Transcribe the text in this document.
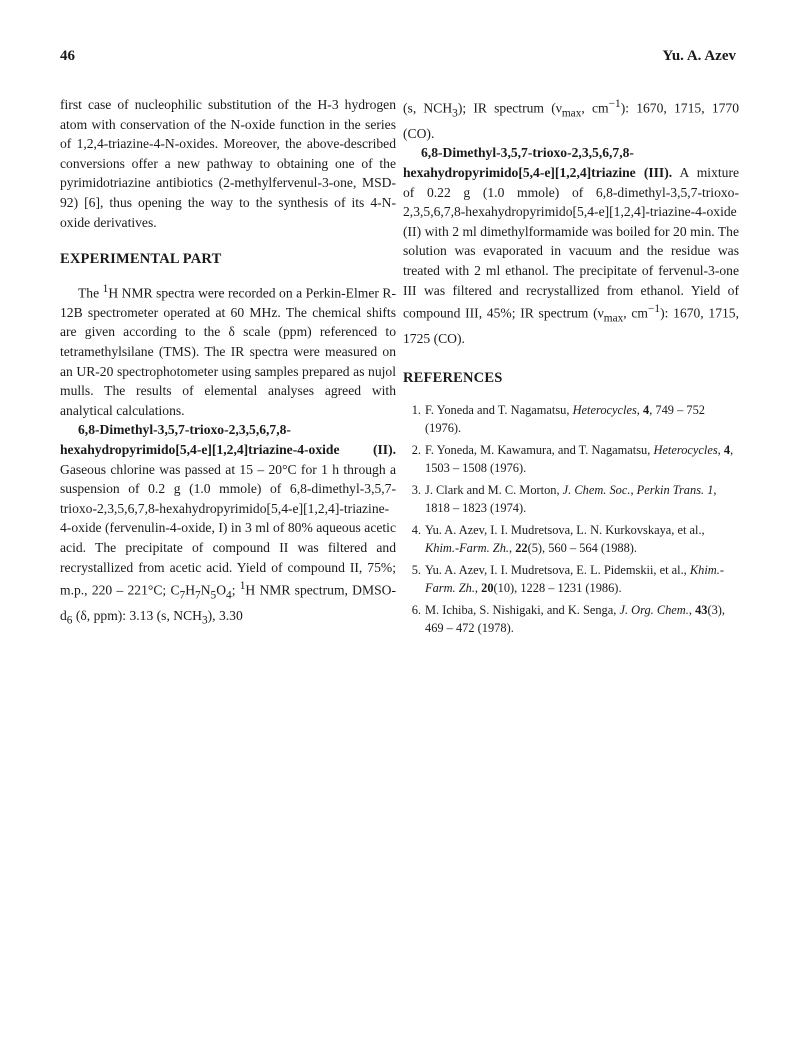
46	Yu. A. Azev

first case of nucleophilic substitution of the H-3 hydrogen atom with conservation of the N-oxide function in the series of 1,2,4-triazine-4-N-oxides. Moreover, the above-described conversions offer a new pathway to obtaining one of the pyrimidotriazine antibiotics (2-methylfervenul-3-one, MSD-92) [6], thus opening the way to the synthesis of its 4-N-oxide derivatives.

EXPERIMENTAL PART

The $^1$H NMR spectra were recorded on a Perkin-Elmer R-12B spectrometer operated at 60 MHz. The chemical shifts are given according to the δ scale (ppm) referenced to tetramethylsilane (TMS). The IR spectra were measured on an UR-20 spectrophotometer using samples prepared as nujol mulls. The results of elemental analyses agreed with analytical calculations.

6,8-Dimethyl-3,5,7-trioxo-2,3,5,6,7,8-hexahydropyrimido[5,4-e][1,2,4]triazine-4-oxide (II). Gaseous chlorine was passed at 15 – 20°C for 1 h through a suspension of 0.2 g (1.0 mmole) of 6,8-dimethyl-3,5,7-trioxo-2,3,5,6,7,8-hexahydropyrimido[5,4-e][1,2,4]-triazine-4-oxide (fervenulin-4-oxide, I) in 3 ml of 80% aqueous acetic acid. The precipitate of compound II was filtered and recrystallized from acetic acid. Yield of compound II, 75%; m.p., 220 – 221°C; $C_7H_7N_5O_4$; $^1$H NMR spectrum, DMSO-$d_6$ (δ, ppm): 3.13 (s, $NCH_3$), 3.30

(s, $NCH_3$); IR spectrum ($\nu_{max}$, $cm^{-1}$): 1670, 1715, 1770 (CO).

6,8-Dimethyl-3,5,7-trioxo-2,3,5,6,7,8-hexahydropyrimido[5,4-e][1,2,4]triazine (III). A mixture of 0.22 g (1.0 mmole) of 6,8-dimethyl-3,5,7-trioxo-2,3,5,6,7,8-hexahydropyrimido[5,4-e][1,2,4]-triazine-4-oxide (II) with 2 ml dimethylformamide was boiled for 20 min. The solution was evaporated in vacuum and the residue was treated with 2 ml ethanol. The precipitate of fervenul-3-one III was filtered and recrystallized from ethanol. Yield of compound III, 45%; IR spectrum ($\nu_{max}$, $cm^{-1}$): 1670, 1715, 1725 (CO).

REFERENCES
1. F. Yoneda and T. Nagamatsu, Heterocycles, 4, 749 – 752 (1976).
2. F. Yoneda, M. Kawamura, and T. Nagamatsu, Heterocycles, 4, 1503 – 1508 (1976).
3. J. Clark and M. C. Morton, J. Chem. Soc., Perkin Trans. 1, 1818 – 1823 (1974).
4. Yu. A. Azev, I. I. Mudretsova, L. N. Kurkovskaya, et al., Khim.-Farm. Zh., 22(5), 560 – 564 (1988).
5. Yu. A. Azev, I. I. Mudretsova, E. L. Pidemskii, et al., Khim.-Farm. Zh., 20(10), 1228 – 1231 (1986).
6. M. Ichiba, S. Nishigaki, and K. Senga, J. Org. Chem., 43(3), 469 – 472 (1978).
